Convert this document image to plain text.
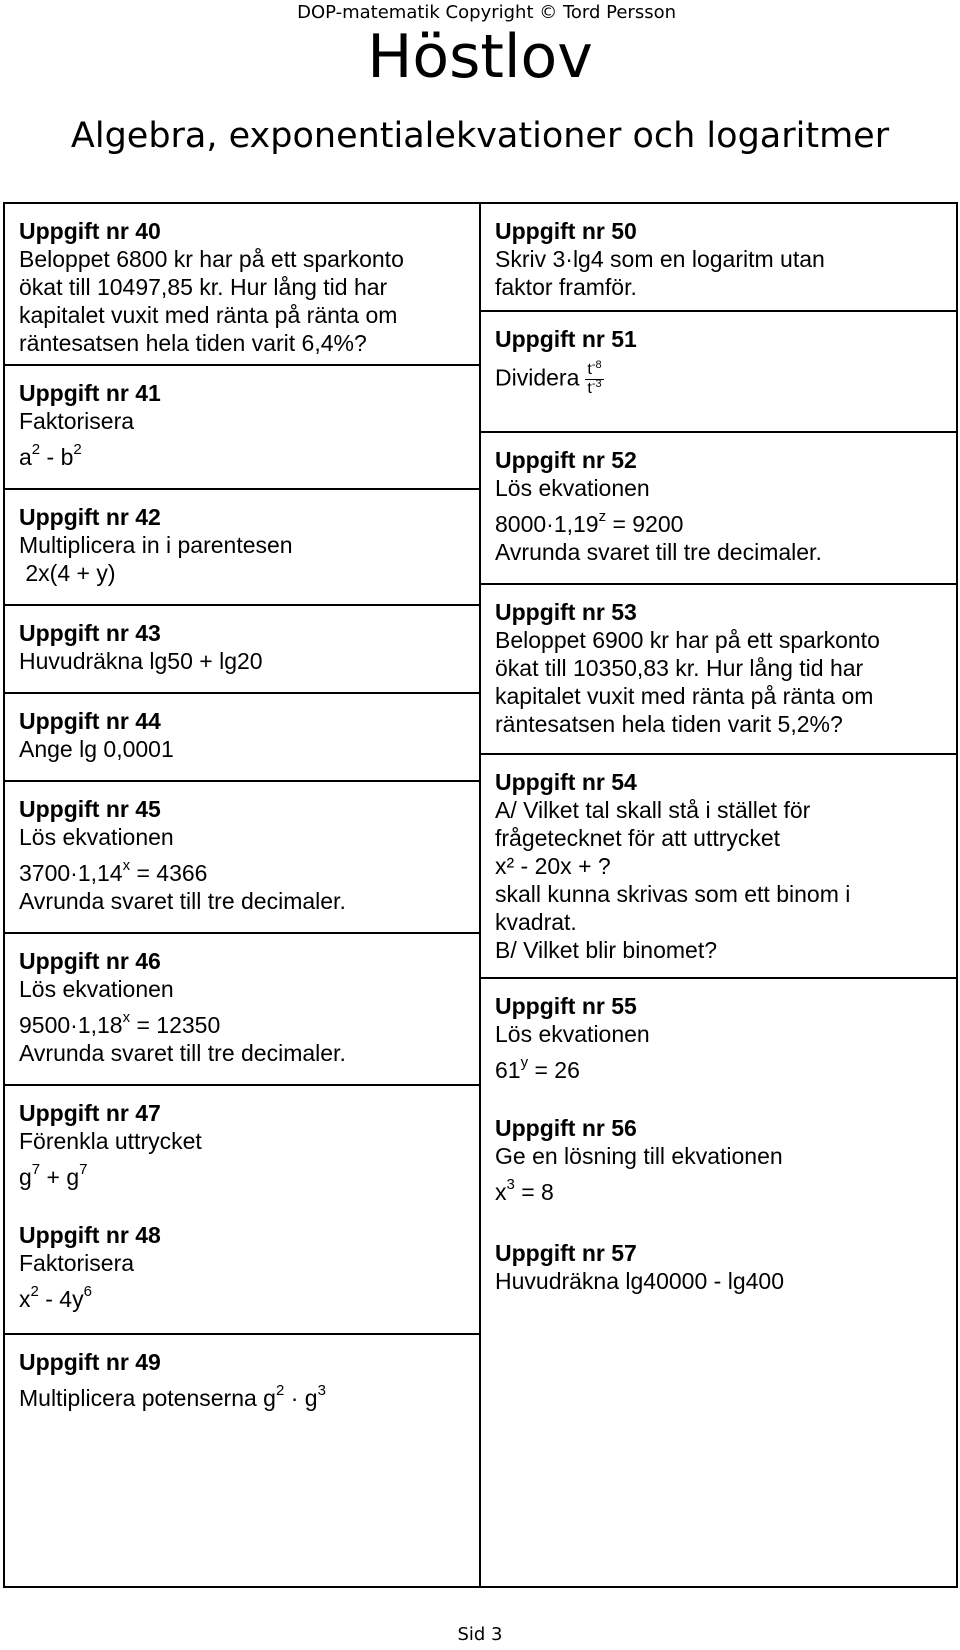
DOP-matematik Copyright © Tord Persson
Höstlov
Algebra, exponentialekvationer och logaritmer
Uppgift nr 40
Beloppet 6800 kr har på ett sparkonto
ökat till 10497,85 kr. Hur lång tid har
kapitalet vuxit med ränta på ränta om
räntesatsen hela tiden varit 6,4%?
Uppgift nr 41
Faktorisera
$a^2 - b^2$
Uppgift nr 42
Multiplicera in i parentesen
2x(4 + y)
Uppgift nr 43
Huvudräkna lg50 + lg20
Uppgift nr 44
Ange lg 0,0001
Uppgift nr 45
Lös ekvationen
$3700\cdot 1,14^x = 4366$
Avrunda svaret till tre decimaler.
Uppgift nr 46
Lös ekvationen
$9500\cdot 1,18^x = 12350$
Avrunda svaret till tre decimaler.
Uppgift nr 47
Förenkla uttrycket
$g^7 + g^7$
Uppgift nr 48
Faktorisera
$x^2 - 4y^6$
Uppgift nr 49
Multiplicera potenserna $g^2 \cdot g^3$
Uppgift nr 50
Skriv 3·lg4 som en logaritm utan
faktor framför.
Uppgift nr 51
Dividera $\frac{t^{-8}}{t^{-3}}$
Uppgift nr 52
Lös ekvationen
$8000\cdot 1,19^z = 9200$
Avrunda svaret till tre decimaler.
Uppgift nr 53
Beloppet 6900 kr har på ett sparkonto
ökat till 10350,83 kr. Hur lång tid har
kapitalet vuxit med ränta på ränta om
räntesatsen hela tiden varit 5,2%?
Uppgift nr 54
A/ Vilket tal skall stå i stället för
frågetecknet för att uttrycket
x² - 20x + ?
skall kunna skrivas som ett binom i
kvadrat.
B/ Vilket blir binomet?
Uppgift nr 55
Lös ekvationen
$61^y = 26$
Uppgift nr 56
Ge en lösning till ekvationen
$x^3 = 8$
Uppgift nr 57
Huvudräkna lg40000 - lg400
Sid 3
